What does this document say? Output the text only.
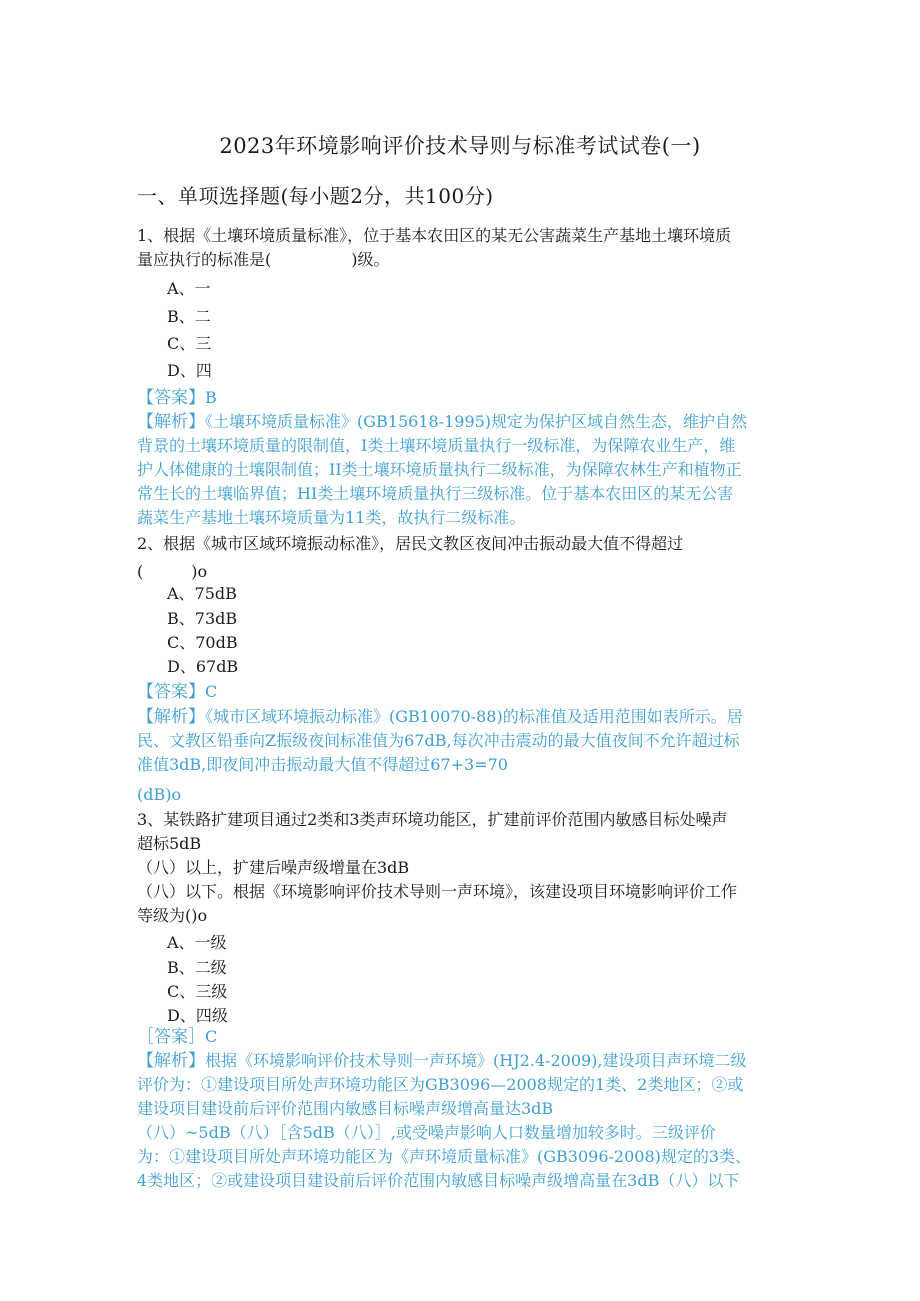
2023年环境影响评价技术导则与标准考试试卷(一)
一、单项选择题(每小题2分，共100分)
1、根据《土壤环境质量标准》，位于基本农田区的某无公害蔬菜生产基地土壤环境质
量应执行的标准是(　　　　　)级。
A、一
B、二
C、三
D、四
【答案】B
【解析】《土壤环境质量标准》(GB15618-1995)规定为保护区域自然生态，维护自然
背景的土壤环境质量的限制值，I类土壤环境质量执行一级标准，为保障农业生产，维
护人体健康的土壤限制值；II类土壤环境质量执行二级标准，为保障农林生产和植物正
常生长的土壤临界值；HI类土壤环境质量执行三级标准。位于基本农田区的某无公害
蔬菜生产基地土壤环境质量为11类，故执行二级标准。
2、根据《城市区域环境振动标准》，居民文教区夜间冲击振动最大值不得超过
(　　　)o
A、75dB
B、73dB
C、70dB
D、67dB
【答案】C
【解析】《城市区域环境振动标准》(GB10070-88)的标准值及适用范围如表所示。居
民、文教区铅垂向Z振级夜间标准值为67dB,每次冲击震动的最大值夜间不允许超过标
准值3dB,即夜间冲击振动最大值不得超过67+3=70
(dB)o
3、某铁路扩建项目通过2类和3类声环境功能区，扩建前评价范围内敏感目标处噪声
超标5dB
（八）以上，扩建后噪声级增量在3dB
（八）以下。根据《环境影响评价技术导则一声环境》，该建设项目环境影响评价工作
等级为()o
A、一级
B、二级
C、三级
D、四级
［答案］C
【解析】根据《环境影响评价技术导则一声环境》(HJ2.4-2009),建设项目声环境二级
评价为：①建设项目所处声环境功能区为GB3096—2008规定的1类、2类地区；②或
建设项目建设前后评价范围内敏感目标噪声级增高量达3dB
（八）~5dB（八）［含5dB（八）］,或受噪声影响人口数量增加较多时。三级评价
为：①建设项目所处声环境功能区为《声环境质量标准》(GB3096-2008)规定的3类、
4类地区；②或建设项目建设前后评价范围内敏感目标噪声级增高量在3dB（八）以下
